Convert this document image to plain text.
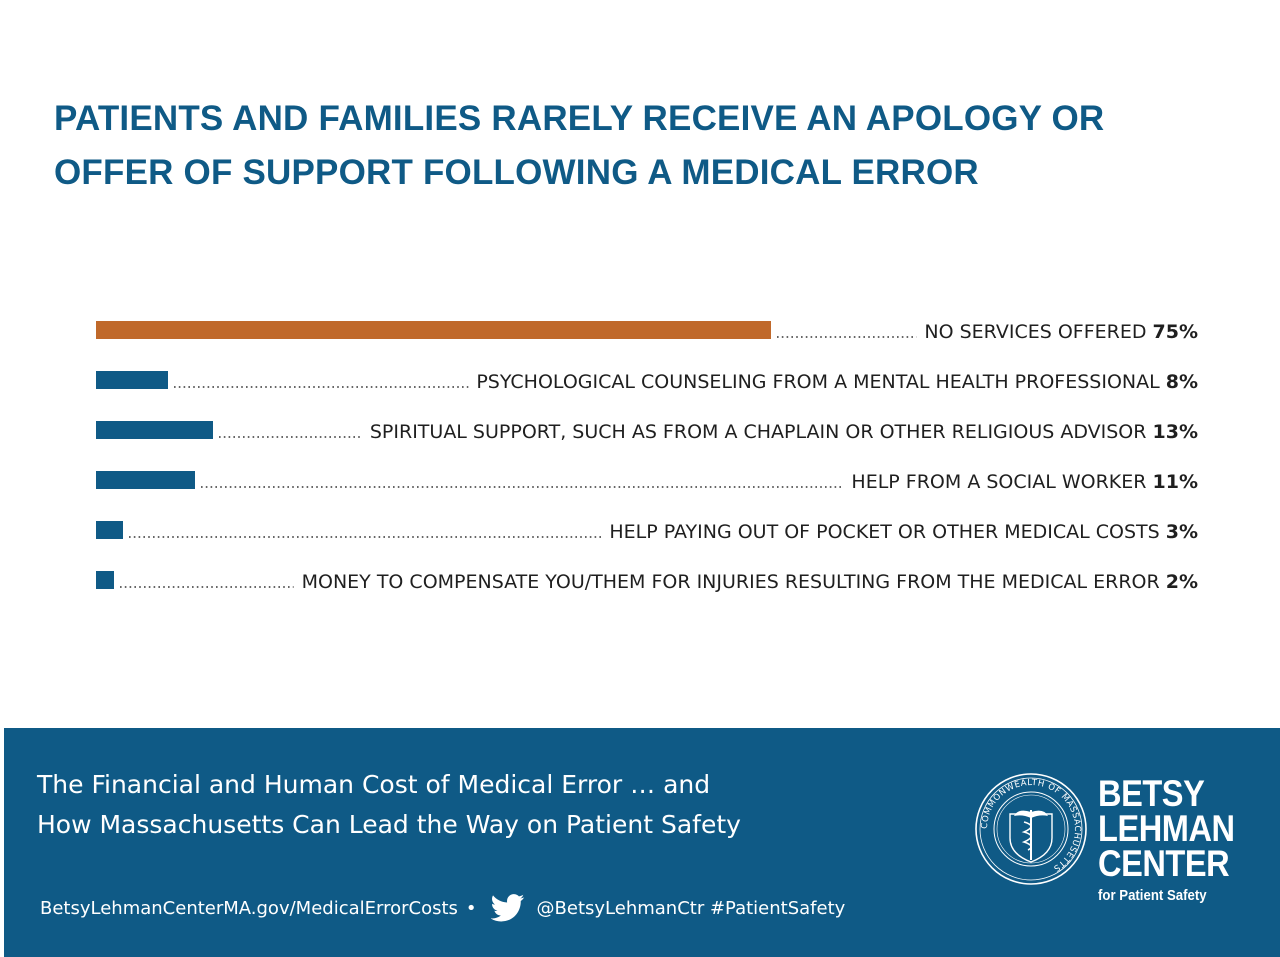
PATIENTS AND FAMILIES RARELY RECEIVE AN APOLOGY OR
OFFER OF SUPPORT FOLLOWING A MEDICAL ERROR
NO SERVICES OFFERED 75%
PSYCHOLOGICAL COUNSELING FROM A MENTAL HEALTH PROFESSIONAL 8%
SPIRITUAL SUPPORT, SUCH AS FROM A CHAPLAIN OR OTHER RELIGIOUS ADVISOR 13%
HELP FROM A SOCIAL WORKER 11%
HELP PAYING OUT OF POCKET OR OTHER MEDICAL COSTS 3%
MONEY TO COMPENSATE YOU/THEM FOR INJURIES RESULTING FROM THE MEDICAL ERROR 2%
The Financial and Human Cost of Medical Error … and
How Massachusetts Can Lead the Way on Patient Safety
BetsyLehmanCenterMA.gov/MedicalErrorCosts •	@BetsyLehmanCtr #PatientSafety
COMMONWEALTH OF MASSACHUSETTS
BETSY
LEHMAN
CENTER
for Patient Safety
